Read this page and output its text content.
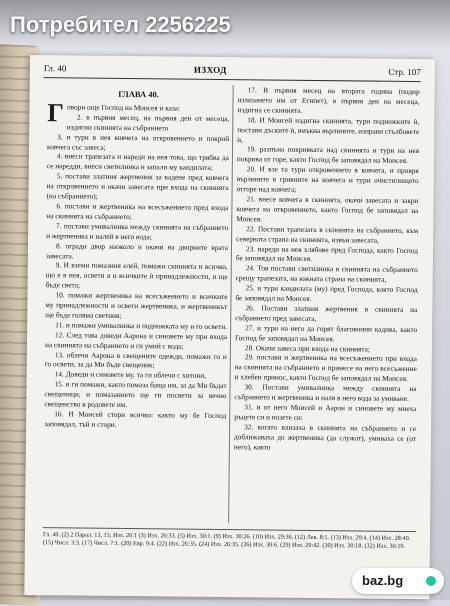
Гл. 40	ИЗХОД	Стр. 107
ГЛАВА 40.

Говори още Господ на Моисея и каза:

2. в първия месец, на първия ден от месеца, издигни скинията на събранието

3. и тури в нея ковчега на откровението и покрий ковчега със завеса;

4. внеси трапезата и нареди на нея това, що трябва да се наредди, внеси светилника и запали му кандилата;

5. постави златния жертвеник за кадене пред ковчега на откровението и окачи завесата при входа на скинията (на събранието);

6. постави и жертвеника на всесъжението пред входа на скинията на събранието;

7. постави умивалника между скинията на събранието и жертвеника и налей в него вода;

8. огради двор наоколо и окачи на дворните врата завесата.

9. И вземи помазния елей, помажи скинията и всичко, що е в нея, освети я и всичките ѝ принадлежности, и ще бъде света;

10. помажи жертвеника на всесъжението и всичките му принадлежности и освети жертвеника, и жертвеникът ще бъде голяма светиня;

11. и помажи умивалника и подножката му и го освети.

12. След това доведи Аарона и синовете му при входа на скинията на събранието и ги умий с вода;

13. облечи Аарона в свещените одежди, помажи го и го освети, за да Ми бъде свещеник;

14. Доведи и синовете му, та ги облечи с хитони,

15. и ги помажи, както помаза баща им, за да Ми бъдат свещеници, и помазанието ще ги посвети за вечно свещенство в родовете им.

16. И Моисей стори всичко: както му бе Господ заповядал, тъй и стори.

17. В първия месец на втората година (подир излизането им от Египет), в първия ден на месеца, издигна се скинията.

18. И Моисей издигна скинията, тури подножките ѝ, постави дъските ѝ, вмъкна върлините, изправи стълбовете ѝ,

19. разпъна покривката над скинията и тури на нея покрива от горе, както Господ бе заповядал на Моисея.

20. И взе та тури откровението в ковчега, и провря върлините в гривните на ковчега и тури очистилището отгоре над ковчега;

21. внесе ковчега в скинията, окачи завесата и закри ковчега на откровението, както Господ бе заповядал на Моисея.

22. Постави трапезата в скинията на събранието, към северната страна на скинията, извън завесата,

23. нареди на нея хлябове пред Господа, както Господ бе заповядал на Моисея.

24. Тоя постави светилника в скинията на събранието срещу трапезата, на южната страна на скинията,

25. и тури кандилата (му) пред Господа, както Господ бе заповядал на Моисея.

26. Постави златния жертвеник в скинията на събранието пред завесата,

27. и тури на него да горят благовонни кадива, както Господ бе заповядал на Моисея.

28. Окачи завеса при входа на скинията;

29. постави и жертвеника на всесъжението при входа на скинията на събранието и принесе на него всесъжение и хлебен принос, както Господ бе заповядал на Моисея.

30. Постави умивалника между скинията на събранието и жертвеника и наля в него вода за умиване.

31. и от него Моисей и Аарон и синовете му миеха ръцете си и нозете си:

32. когато влизаха в скинията на събранието и се доближаваха до жертвеника (да служат), умиваха се (от него), както

Гл. 40. (2) 2 Парал. 13, 15; Изх. 26:1 (3) Изх. 26:33. (5) Изх. 30:1. (9) Изх. 30:26. (10) Изх. 29:36. (12) Лев. 8:1. (13) Изх. 29:4. (14) Изх. 28:40. (15) Числ. 3:3. (17) Числ. 7:1. (20) Евр. 9:4. (22) Изх. 26:35. (24) Изх. 26:35. (26) Изх. 30:6. (29) Изх. 29:42. (30) Изх. 30:18. (32) Изх. 30:19.
Потребител 2256225
baz.bg
